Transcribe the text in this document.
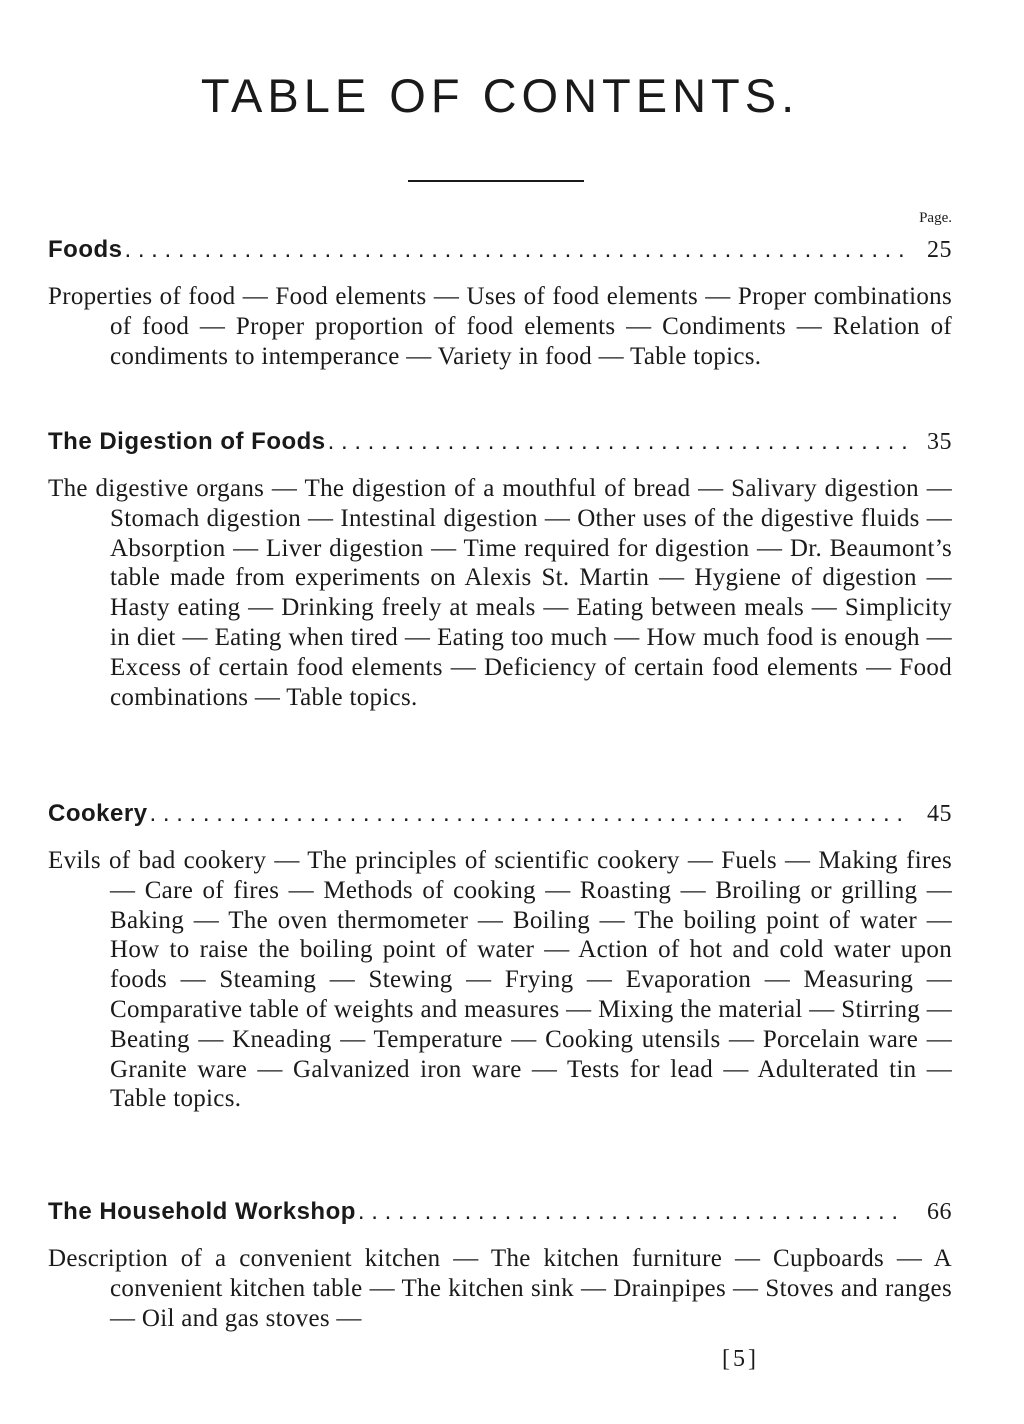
TABLE OF CONTENTS.
Page.
Foods . . .	25
Properties of food — Food elements — Uses of food elements — Proper combinations of food — Proper proportion of food elements — Condiments — Relation of condiments to intemperance — Variety in food — Table topics.
The Digestion of Foods . . .	35
The digestive organs — The digestion of a mouthful of bread — Salivary digestion — Stomach digestion — Intestinal digestion — Other uses of the digestive fluids — Absorption — Liver digestion — Time required for digestion — Dr. Beaumont’s table made from experiments on Alexis St. Martin — Hygiene of digestion — Hasty eating — Drinking freely at meals — Eating between meals — Simplicity in diet — Eating when tired — Eating too much — How much food is enough — Excess of certain food elements — Deficiency of certain food elements — Food combinations — Table topics.
Cookery . . .	45
Evils of bad cookery — The principles of scientific cookery — Fuels — Making fires — Care of fires — Methods of cooking — Roasting — Broiling or grilling — Baking — The oven thermometer — Boiling — The boiling point of water — How to raise the boiling point of water — Action of hot and cold water upon foods — Steaming — Stewing — Frying — Evaporation — Measuring — Comparative table of weights and measures — Mixing the material — Stirring — Beating — Kneading — Temperature — Cooking utensils — Porcelain ware — Granite ware — Galvanized iron ware — Tests for lead — Adulterated tin — Table topics.
The Household Workshop . . .	66
Description of a convenient kitchen — The kitchen furniture — Cupboards — A convenient kitchen table — The kitchen sink — Drainpipes — Stoves and ranges — Oil and gas stoves —
[5]
